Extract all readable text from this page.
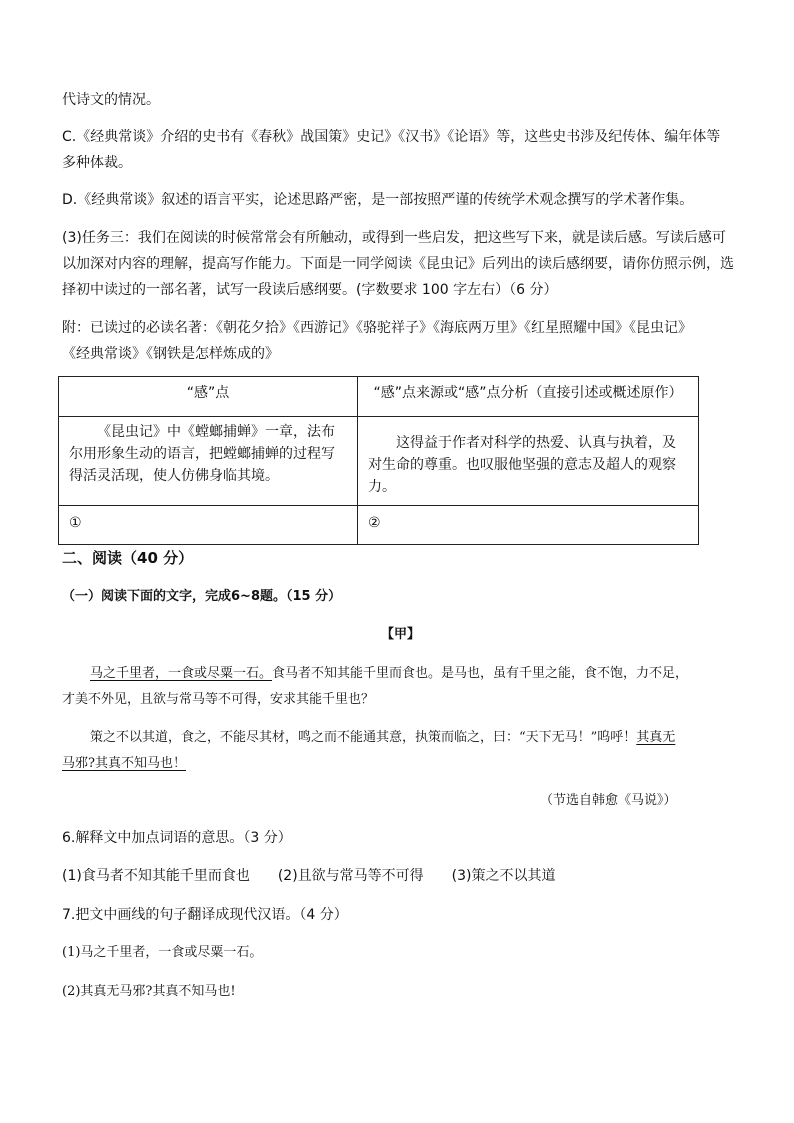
代诗文的情况。
C.《经典常谈》介绍的史书有《春秋》战国策》史记》《汉书》《论语》等，这些史书涉及纪传体、编年体等
多种体裁。
D.《经典常谈》叙述的语言平实，论述思路严密，是一部按照严谨的传统学术观念撰写的学术著作集。
(3)任务三：我们在阅读的时候常常会有所触动，或得到一些启发，把这些写下来，就是读后感。写读后感可
以加深对内容的理解，提高写作能力。下面是一同学阅读《昆虫记》后列出的读后感纲要，请你仿照示例，选
择初中读过的一部名著，试写一段读后感纲要。(字数要求 100 字左右）（6 分）
附：已读过的必读名著：《朝花夕拾》《西游记》《骆驼祥子》《海底两万里》《红星照耀中国》《昆虫记》
《经典常谈》《钢铁是怎样炼成的》
“感”点	“感”点来源或“感”点分析（直接引述或概述原作）

《昆虫记》中《螳螂捕蝉》一章，法布尔用形象生动的语言，把螳螂捕蝉的过程写得活灵活现，使人仿佛身临其境。	这得益于作者对科学的热爱、认真与执着，及对生命的尊重。也叹服他坚强的意志及超人的观察力。

①	②
二、阅读（40 分）
（一）阅读下面的文字，完成6~8题。（15 分）
【甲】
马之千里者，一食或尽粟一石。食马者不知其能千里而食也。是马也，虽有千里之能，食不饱，力不足，
才美不外见，且欲与常马等不可得，安求其能千里也？
策之不以其道，食之，不能尽其材，鸣之而不能通其意，执策而临之，曰：“天下无马！”呜呼！其真无
马邪?其真不知马也！
（节选自韩愈《马说》）
6.解释文中加点词语的意思。（3 分）
(1)食马者不知其能千里而食也　　(2)且欲与常马等不可得　　(3)策之不以其道
7.把文中画线的句子翻译成现代汉语。（4 分）
(1)马之千里者，一食或尽粟一石。
(2)其真无马邪?其真不知马也!
